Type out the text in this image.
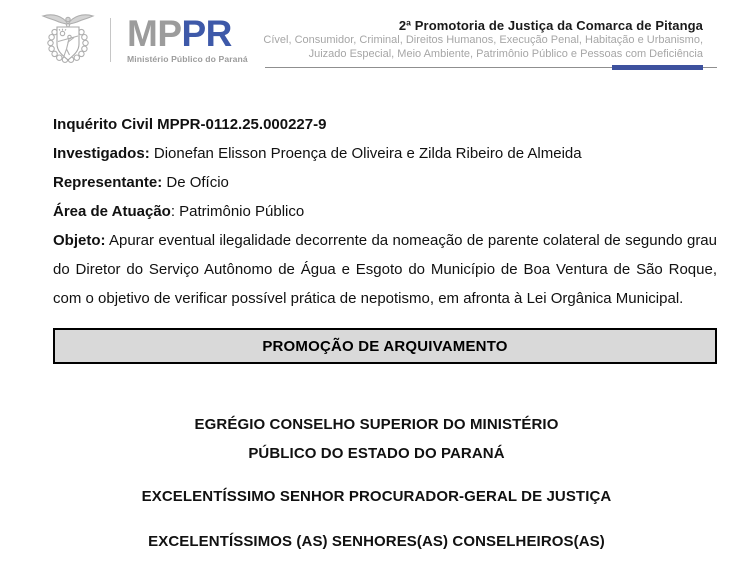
MPPR
Ministério Público do Paraná
2ª Promotoria de Justiça da Comarca de Pitanga
Cível, Consumidor, Criminal, Direitos Humanos, Execução Penal, Habitação e Urbanismo,
Juizado Especial, Meio Ambiente, Patrimônio Público e Pessoas com Deficiência
Inquérito Civil MPPR-0112.25.000227-9
Investigados: Dionefan Elisson Proença de Oliveira e Zilda Ribeiro de Almeida
Representante: De Ofício
Área de Atuação: Patrimônio Público
Objeto: Apurar eventual ilegalidade decorrente da nomeação de parente colateral de segundo grau do Diretor do Serviço Autônomo de Água e Esgoto do Município de Boa Ventura de São Roque, com o objetivo de verificar possível prática de nepotismo, em afronta à Lei Orgânica Municipal.
PROMOÇÃO DE ARQUIVAMENTO
EGRÉGIO CONSELHO SUPERIOR DO MINISTÉRIO
PÚBLICO DO ESTADO DO PARANÁ
EXCELENTÍSSIMO SENHOR PROCURADOR-GERAL DE JUSTIÇA
EXCELENTÍSSIMOS (AS) SENHORES(AS) CONSELHEIROS(AS)
